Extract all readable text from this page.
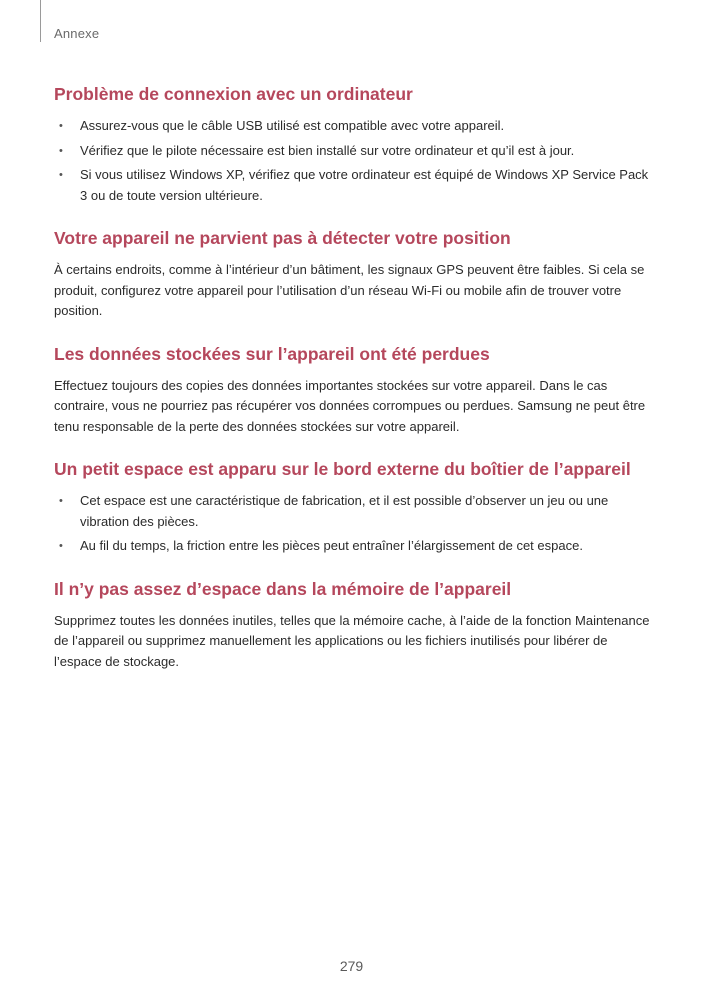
Annexe
Problème de connexion avec un ordinateur
• Assurez-vous que le câble USB utilisé est compatible avec votre appareil.
• Vérifiez que le pilote nécessaire est bien installé sur votre ordinateur et qu’il est à jour.
• Si vous utilisez Windows XP, vérifiez que votre ordinateur est équipé de Windows XP Service Pack 3 ou de toute version ultérieure.
Votre appareil ne parvient pas à détecter votre position

À certains endroits, comme à l’intérieur d’un bâtiment, les signaux GPS peuvent être faibles. Si cela se produit, configurez votre appareil pour l’utilisation d’un réseau Wi-Fi ou mobile afin de trouver votre position.

Les données stockées sur l’appareil ont été perdues

Effectuez toujours des copies des données importantes stockées sur votre appareil. Dans le cas contraire, vous ne pourriez pas récupérer vos données corrompues ou perdues. Samsung ne peut être tenu responsable de la perte des données stockées sur votre appareil.

Un petit espace est apparu sur le bord externe du boîtier de l’appareil
• Cet espace est une caractéristique de fabrication, et il est possible d’observer un jeu ou une vibration des pièces.
• Au fil du temps, la friction entre les pièces peut entraîner l’élargissement de cet espace.
Il n’y pas assez d’espace dans la mémoire de l’appareil

Supprimez toutes les données inutiles, telles que la mémoire cache, à l’aide de la fonction Maintenance de l’appareil ou supprimez manuellement les applications ou les fichiers inutilisés pour libérer de l’espace de stockage.

279
